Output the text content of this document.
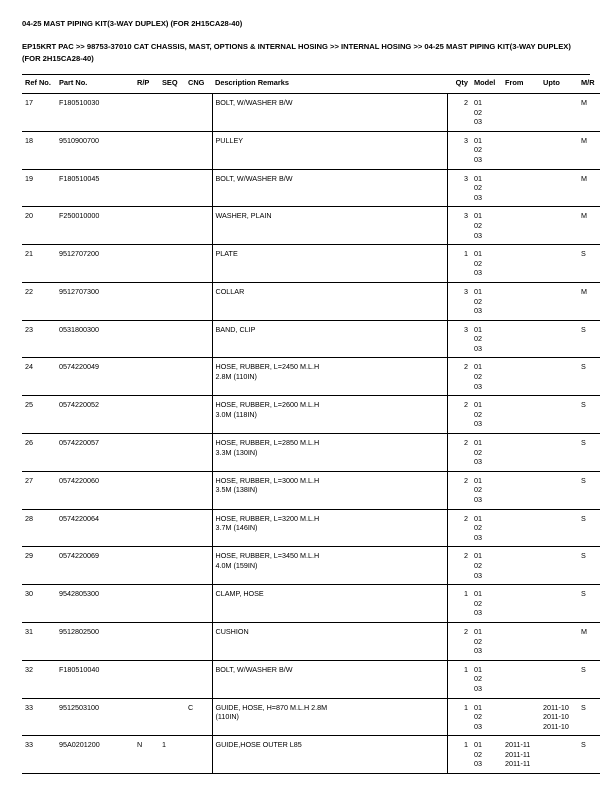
04-25 MAST PIPING KIT(3-WAY DUPLEX) (FOR 2H15CA28-40)
EP15KRT PAC >> 98753-37010 CAT CHASSIS, MAST, OPTIONS & INTERNAL HOSING >> INTERNAL HOSING >> 04-25 MAST PIPING KIT(3-WAY DUPLEX) (FOR 2H15CA28-40)
Ref No.	Part No.	R/P	SEQ	CNG	Description Remarks	Qty	Model	From	Upto	M/R
17	F180510030				BOLT, W/WASHER B/W	2	01
02
03			M
18	9510900700				PULLEY	3	01
02
03			M
19	F180510045				BOLT, W/WASHER B/W	3	01
02
03			M
20	F250010000				WASHER, PLAIN	3	01
02
03			M
21	9512707200				PLATE	1	01
02
03			S
22	9512707300				COLLAR	3	01
02
03			M
23	0531800300				BAND, CLIP	3	01
02
03			S
24	0574220049				HOSE, RUBBER, L=2450 M.L.H
2.8M (110IN)	2	01
02
03			S
25	0574220052				HOSE, RUBBER, L=2600 M.L.H
3.0M (118IN)	2	01
02
03			S
26	0574220057				HOSE, RUBBER, L=2850 M.L.H
3.3M (130IN)	2	01
02
03			S
27	0574220060				HOSE, RUBBER, L=3000 M.L.H
3.5M (138IN)	2	01
02
03			S
28	0574220064				HOSE, RUBBER, L=3200 M.L.H
3.7M (146IN)	2	01
02
03			S
29	0574220069				HOSE, RUBBER, L=3450 M.L.H
4.0M (159IN)	2	01
02
03			S
30	9542805300				CLAMP, HOSE	1	01
02
03			S
31	9512802500				CUSHION	2	01
02
03			M
32	F180510040				BOLT, W/WASHER B/W	1	01
02
03			S
33	9512503100			C	GUIDE, HOSE, H=870 M.L.H 2.8M
(110IN)	1	01
02
03		2011-10
2011-10
2011-10	S
33	95A0201200	N	1		GUIDE,HOSE OUTER L85	1	01
02
03	2011-11
2011-11
2011-11		S
